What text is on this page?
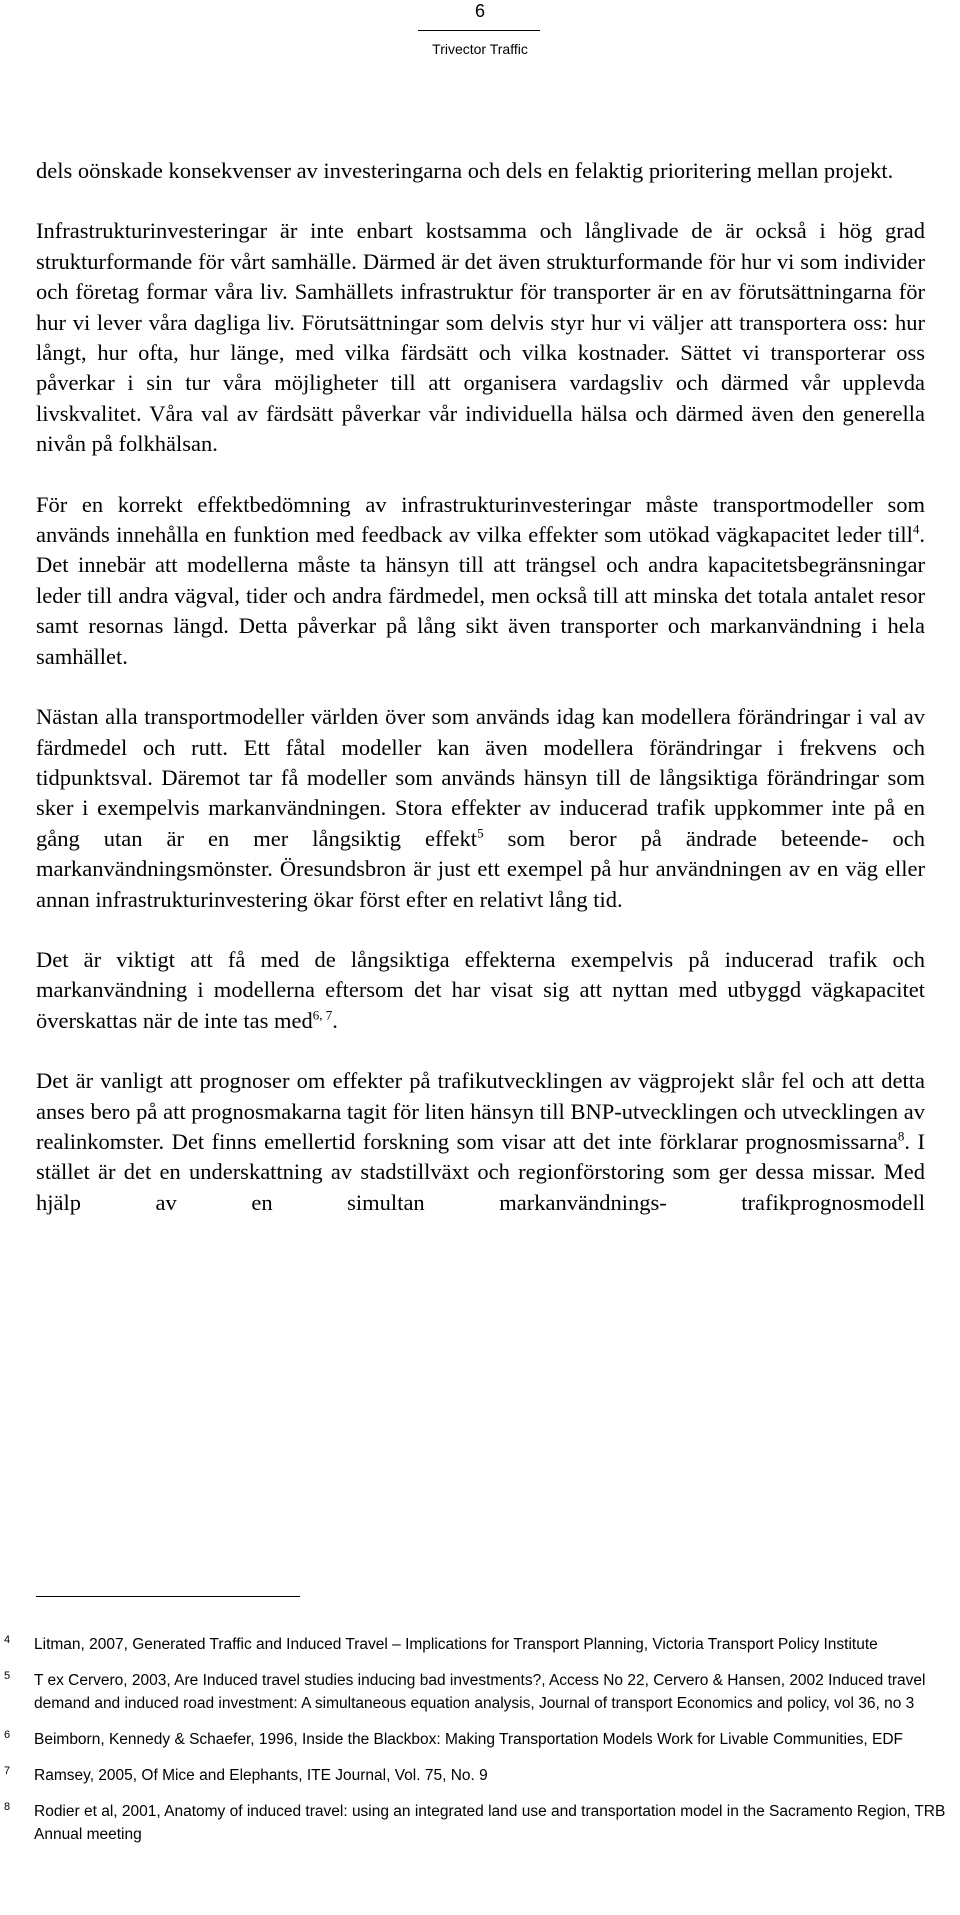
6
Trivector Traffic

dels oönskade konsekvenser av investeringarna och dels en felaktig prioritering mellan projekt.

Infrastrukturinvesteringar är inte enbart kostsamma och långlivade de är också i hög grad strukturformande för vårt samhälle. Därmed är det även strukturformande för hur vi som individer och företag formar våra liv. Samhällets infrastruktur för transporter är en av förutsättningarna för hur vi lever våra dagliga liv. Förutsättningar som delvis styr hur vi väljer att transportera oss: hur långt, hur ofta, hur länge, med vilka färdsätt och vilka kostnader. Sättet vi transporterar oss påverkar i sin tur våra möjligheter till att organisera vardagsliv och därmed vår upplevda livskvalitet. Våra val av färdsätt påverkar vår individuella hälsa och därmed även den generella nivån på folkhälsan.

För en korrekt effektbedömning av infrastrukturinvesteringar måste transportmodeller som används innehålla en funktion med feedback av vilka effekter som utökad vägkapacitet leder till$^4$. Det innebär att modellerna måste ta hänsyn till att trängsel och andra kapacitetsbegränsningar leder till andra vägval, tider och andra färdmedel, men också till att minska det totala antalet resor samt resornas längd. Detta påverkar på lång sikt även transporter och markanvändning i hela samhället.

Nästan alla transportmodeller världen över som används idag kan modellera förändringar i val av färdmedel och rutt. Ett fåtal modeller kan även modellera förändringar i frekvens och tidpunktsval. Däremot tar få modeller som används hänsyn till de långsiktiga förändringar som sker i exempelvis markanvändningen. Stora effekter av inducerad trafik uppkommer inte på en gång utan är en mer långsiktig effekt$^5$ som beror på ändrade beteende- och markanvändningsmönster. Öresundsbron är just ett exempel på hur användningen av en väg eller annan infrastrukturinvestering ökar först efter en relativt lång tid.

Det är viktigt att få med de långsiktiga effekterna exempelvis på inducerad trafik och markanvändning i modellerna eftersom det har visat sig att nyttan med utbyggd vägkapacitet överskattas när de inte tas med$^{6,}$ $^7$.

Det är vanligt att prognoser om effekter på trafikutvecklingen av vägprojekt slår fel och att detta anses bero på att prognosmakarna tagit för liten hänsyn till BNP-utvecklingen och utvecklingen av realinkomster. Det finns emellertid forskning som visar att det inte förklarar prognosmissarna$^8$. I stället är det en underskattning av stadstillväxt och regionförstoring som ger dessa missar. Med hjälp av en simultan markanvändnings- trafikprognosmodell

4	Litman, 2007, Generated Traffic and Induced Travel – Implications for Transport Planning, Victoria Transport Policy Institute
5	T ex Cervero, 2003, Are Induced travel studies inducing bad investments?, Access No 22, Cervero & Hansen, 2002 Induced travel demand and induced road investment: A simultaneous equation analysis, Journal of transport Economics and policy, vol 36, no 3
6	Beimborn, Kennedy & Schaefer, 1996, Inside the Blackbox: Making Transportation Models Work for Livable Communities, EDF
7	Ramsey, 2005, Of Mice and Elephants, ITE Journal, Vol. 75, No. 9
8	Rodier et al, 2001, Anatomy of induced travel: using an integrated land use and transportation model in the Sacramento Region, TRB Annual meeting
